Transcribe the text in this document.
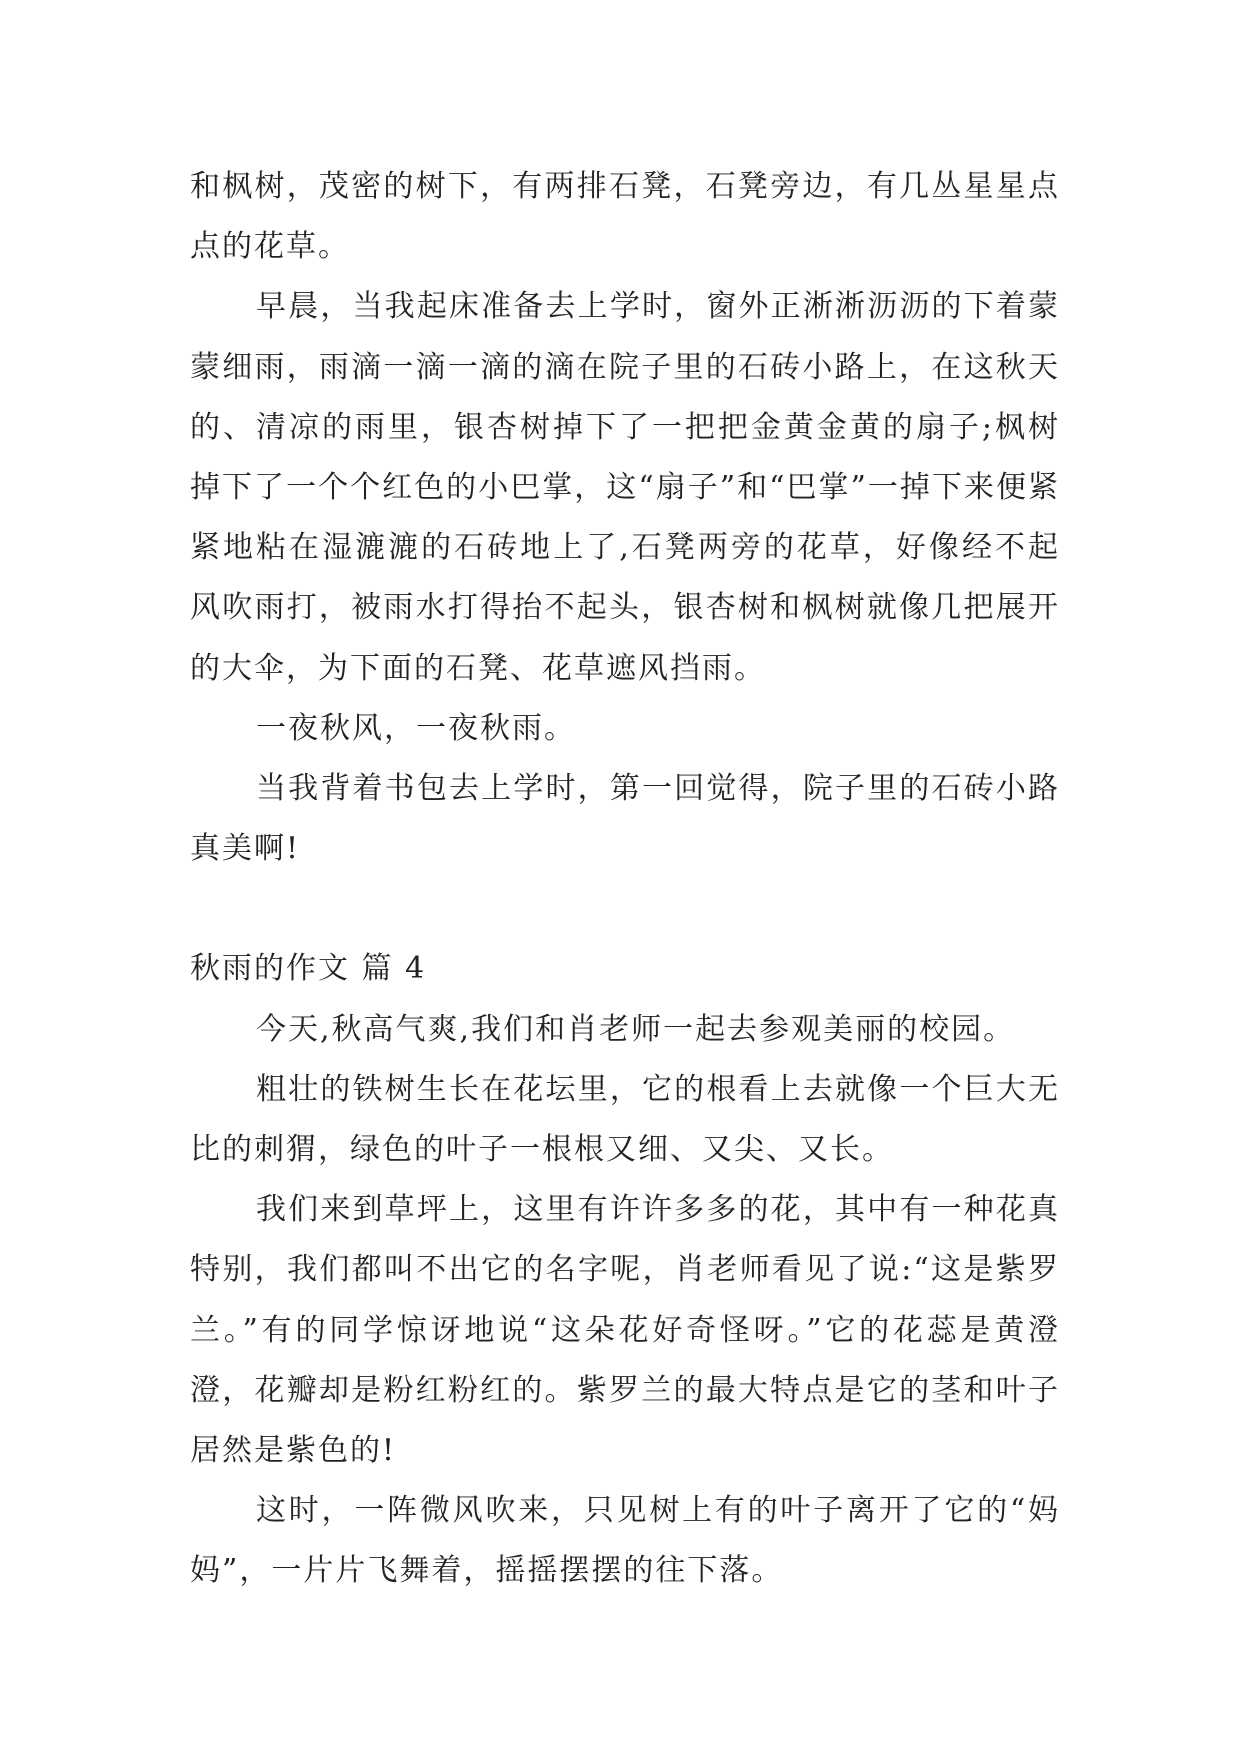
和枫树，茂密的树下，有两排石凳，石凳旁边，有几丛星星点点的花草。

早晨，当我起床准备去上学时，窗外正淅淅沥沥的下着蒙蒙细雨，雨滴一滴一滴的滴在院子里的石砖小路上，在这秋天的、清凉的雨里，银杏树掉下了一把把金黄金黄的扇子;枫树掉下了一个个红色的小巴掌，这“扇子”和“巴掌”一掉下来便紧紧地粘在湿漉漉的石砖地上了,石凳两旁的花草，好像经不起风吹雨打，被雨水打得抬不起头，银杏树和枫树就像几把展开的大伞，为下面的石凳、花草遮风挡雨。

一夜秋风，一夜秋雨。

当我背着书包去上学时，第一回觉得，院子里的石砖小路真美啊!

秋雨的作文 篇 4

今天,秋高气爽,我们和肖老师一起去参观美丽的校园。

粗壮的铁树生长在花坛里，它的根看上去就像一个巨大无比的刺猬，绿色的叶子一根根又细、又尖、又长。

我们来到草坪上，这里有许许多多的花，其中有一种花真特别，我们都叫不出它的名字呢，肖老师看见了说:“这是紫罗兰。”有的同学惊讶地说“这朵花好奇怪呀。”它的花蕊是黄澄澄，花瓣却是粉红粉红的。紫罗兰的最大特点是它的茎和叶子居然是紫色的!

这时，一阵微风吹来，只见树上有的叶子离开了它的“妈妈”，一片片飞舞着，摇摇摆摆的往下落。
